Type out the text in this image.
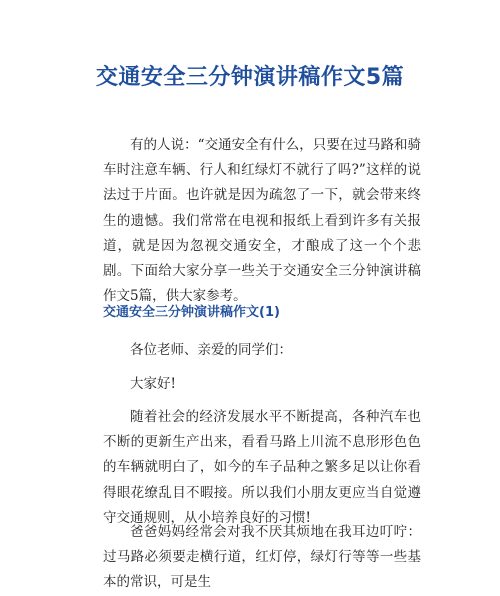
交通安全三分钟演讲稿作文5篇

有的人说：“交通安全有什么，只要在过马路和骑车时注意车辆、行人和红绿灯不就行了吗?”这样的说法过于片面。也许就是因为疏忽了一下，就会带来终生的遗憾。我们常常在电视和报纸上看到许多有关报道，就是因为忽视交通安全，才酿成了这一个个悲剧。下面给大家分享一些关于交通安全三分钟演讲稿作文5篇，供大家参考。

交通安全三分钟演讲稿作文(1)

各位老师、亲爱的同学们：

大家好!

随着社会的经济发展水平不断提高，各种汽车也不断的更新生产出来，看看马路上川流不息形形色色的车辆就明白了，如今的车子品种之繁多足以让你看得眼花缭乱目不暇接。所以我们小朋友更应当自觉遵守交通规则，从小培养良好的习惯!

爸爸妈妈经常会对我不厌其烦地在我耳边叮咛：过马路必须要走横行道，红灯停，绿灯行等等一些基本的常识，可是生
